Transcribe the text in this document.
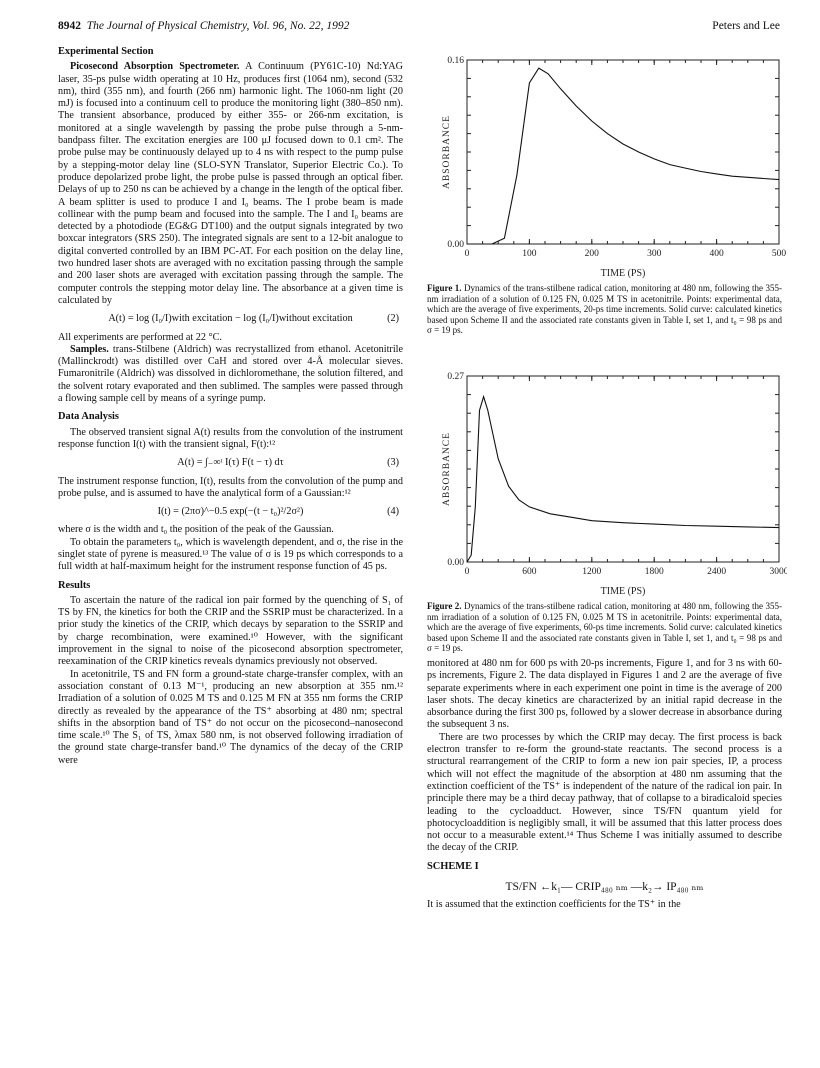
8942 The Journal of Physical Chemistry, Vol. 96, No. 22, 1992	Peters and Lee
Experimental Section

Picosecond Absorption Spectrometer. A Continuum (PY61C-10) Nd:YAG laser, 35-ps pulse width operating at 10 Hz, produces first (1064 nm), second (532 nm), third (355 nm), and fourth (266 nm) harmonic light. The 1060-nm light (20 mJ) is focused into a continuum cell to produce the monitoring light (380–850 nm). The transient absorbance, produced by either 355- or 266-nm excitation, is monitored at a single wavelength by passing the probe pulse through a 5-nm-bandpass filter. The excitation energies are 100 μJ focused down to 0.1 cm². The probe pulse may be continuously delayed up to 4 ns with respect to the pump pulse by a stepping-motor delay line (SLO-SYN Translator, Superior Electric Co.). To produce depolarized probe light, the probe pulse is passed through an optical fiber. Delays of up to 250 ns can be achieved by a change in the length of the optical fiber. A beam splitter is used to produce I and I₀ beams. The I probe beam is made collinear with the pump beam and focused into the sample. The I and I₀ beams are detected by a photodiode (EG&G DT100) and the output signals integrated by two boxcar integrators (SRS 250). The integrated signals are sent to a 12-bit analogue to digital converted controlled by an IBM PC-AT. For each position on the delay line, two hundred laser shots are averaged with no excitation passing through the sample and 200 laser shots are averaged with excitation passing through the sample. The computer controls the stepping motor delay line. The absorbance at a given time is calculated by

A(t) = log (I₀/I)with excitation − log (I₀/I)without excitation	(2)

All experiments are performed at 22 °C.

Samples. trans-Stilbene (Aldrich) was recrystallized from ethanol. Acetonitrile (Mallinckrodt) was distilled over CaH and stored over 4-Å molecular sieves. Fumaronitrile (Aldrich) was dissolved in dichloromethane, the solution filtered, and the solvent rotary evaporated and then sublimed. The samples were passed through a flowing sample cell by means of a syringe pump.

Data Analysis

The observed transient signal A(t) results from the convolution of the instrument response function I(t) with the transient signal, F(t):¹²

A(t) = ∫₋∞ᵗ I(τ) F(t − τ) dτ	(3)

The instrument response function, I(t), results from the convolution of the pump and probe pulse, and is assumed to have the analytical form of a Gaussian:¹²

I(t) = (2πσ)^−0.5 exp(−(t − t₀)²/2σ²)	(4)

where σ is the width and t₀ the position of the peak of the Gaussian.

To obtain the parameters t₀, which is wavelength dependent, and σ, the rise in the singlet state of pyrene is measured.¹³ The value of σ is 19 ps which corresponds to a full width at half-maximum height for the instrument response function of 45 ps.

Results

To ascertain the nature of the radical ion pair formed by the quenching of S₁ of TS by FN, the kinetics for both the CRIP and the SSRIP must be characterized. In a prior study the kinetics of the CRIP, which decays by separation to the SSRIP and by charge recombination, were examined.¹⁰ However, with the significant improvement in the signal to noise of the picosecond absorption spectrometer, reexamination of the CRIP kinetics reveals dynamics previously not observed.

In acetonitrile, TS and FN form a ground-state charge-transfer complex, with an association constant of 0.13 M⁻¹, producing an new absorption at 355 nm.¹² Irradiation of a solution of 0.025 M TS and 0.125 M FN at 355 nm forms the CRIP directly as revealed by the appearance of the TS⁺ absorbing at 480 nm; spectral shifts in the absorption band of TS⁺ do not occur on the picosecond–nanosecond time scale.¹⁰ The S₁ of TS, λmax 580 nm, is not observed following irradiation of the ground state charge-transfer band.¹⁰ The dynamics of the decay of the CRIP were

0	100	200	300	400	500
0.00
0.16
TIME (PS)
ABSORBANCE
Figure 1. Dynamics of the trans-stilbene radical cation, monitoring at 480 nm, following the 355-nm irradiation of a solution of 0.125 FN, 0.025 M TS in acetonitrile. Points: experimental data, which are the average of five experiments, 20-ps time increments. Solid curve: calculated kinetics based upon Scheme II and the associated rate constants given in Table I, set 1, and t₀ = 98 ps and σ = 19 ps.
0	600	1200	1800	2400	3000
0.00
0.27
TIME (PS)
ABSORBANCE
Figure 2. Dynamics of the trans-stilbene radical cation, monitoring at 480 nm, following the 355-nm irradiation of a solution of 0.125 FN, 0.025 M TS in acetonitrile. Points: experimental data, which are the average of five experiments, 60-ps time increments. Solid curve: calculated kinetics based upon Scheme II and the associated rate constants given in Table I, set 1, and t₀ = 98 ps and σ = 19 ps.

monitored at 480 nm for 600 ps with 20-ps increments, Figure 1, and for 3 ns with 60-ps increments, Figure 2. The data displayed in Figures 1 and 2 are the average of five separate experiments where in each experiment one point in time is the average of 200 laser shots. The decay kinetics are characterized by an initial rapid decrease in the absorbance during the first 300 ps, followed by a slower decrease in absorbance during the subsequent 3 ns.

There are two processes by which the CRIP may decay. The first process is back electron transfer to re-form the ground-state reactants. The second process is a structural rearrangement of the CRIP to form a new ion pair species, IP, a process which will not effect the magnitude of the absorption at 480 nm assuming that the extinction coefficient of the TS⁺ is independent of the nature of the radical ion pair. In principle there may be a third decay pathway, that of collapse to a biradicaloid species leading to the cycloadduct. However, since TS/FN quantum yield for photocycloaddition is negligibly small, it will be assumed that this latter process does not occur to a measurable extent.¹⁴ Thus Scheme I was initially assumed to describe the decay of the CRIP.

SCHEME I
TS/FN ←k₁— CRIP₄₈₀ ₙₘ —k₂→ IP₄₈₀ ₙₘ

It is assumed that the extinction coefficients for the TS⁺ in the
